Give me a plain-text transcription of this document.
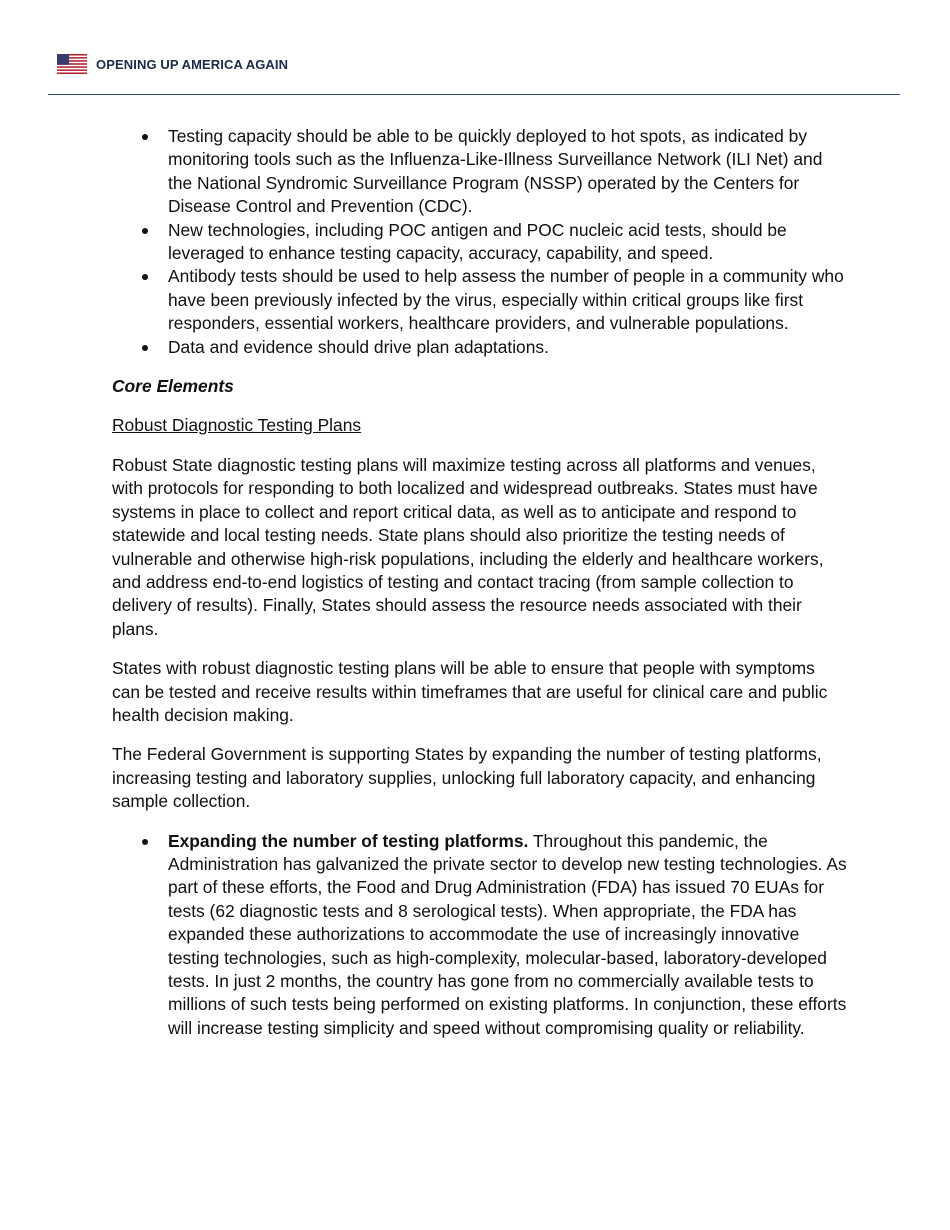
OPENING UP AMERICA AGAIN
Testing capacity should be able to be quickly deployed to hot spots, as indicated by monitoring tools such as the Influenza-Like-Illness Surveillance Network (ILI Net) and the National Syndromic Surveillance Program (NSSP) operated by the Centers for Disease Control and Prevention (CDC).
New technologies, including POC antigen and POC nucleic acid tests, should be leveraged to enhance testing capacity, accuracy, capability, and speed.
Antibody tests should be used to help assess the number of people in a community who have been previously infected by the virus, especially within critical groups like first responders, essential workers, healthcare providers, and vulnerable populations.
Data and evidence should drive plan adaptations.
Core Elements
Robust Diagnostic Testing Plans

Robust State diagnostic testing plans will maximize testing across all platforms and venues, with protocols for responding to both localized and widespread outbreaks. States must have systems in place to collect and report critical data, as well as to anticipate and respond to statewide and local testing needs. State plans should also prioritize the testing needs of vulnerable and otherwise high-risk populations, including the elderly and healthcare workers, and address end-to-end logistics of testing and contact tracing (from sample collection to delivery of results). Finally, States should assess the resource needs associated with their plans.

States with robust diagnostic testing plans will be able to ensure that people with symptoms can be tested and receive results within timeframes that are useful for clinical care and public health decision making.

The Federal Government is supporting States by expanding the number of testing platforms, increasing testing and laboratory supplies, unlocking full laboratory capacity, and enhancing sample collection.

Expanding the number of testing platforms. Throughout this pandemic, the Administration has galvanized the private sector to develop new testing technologies. As part of these efforts, the Food and Drug Administration (FDA) has issued 70 EUAs for tests (62 diagnostic tests and 8 serological tests). When appropriate, the FDA has expanded these authorizations to accommodate the use of increasingly innovative testing technologies, such as high-complexity, molecular-based, laboratory-developed tests. In just 2 months, the country has gone from no commercially available tests to millions of such tests being performed on existing platforms. In conjunction, these efforts will increase testing simplicity and speed without compromising quality or reliability.
